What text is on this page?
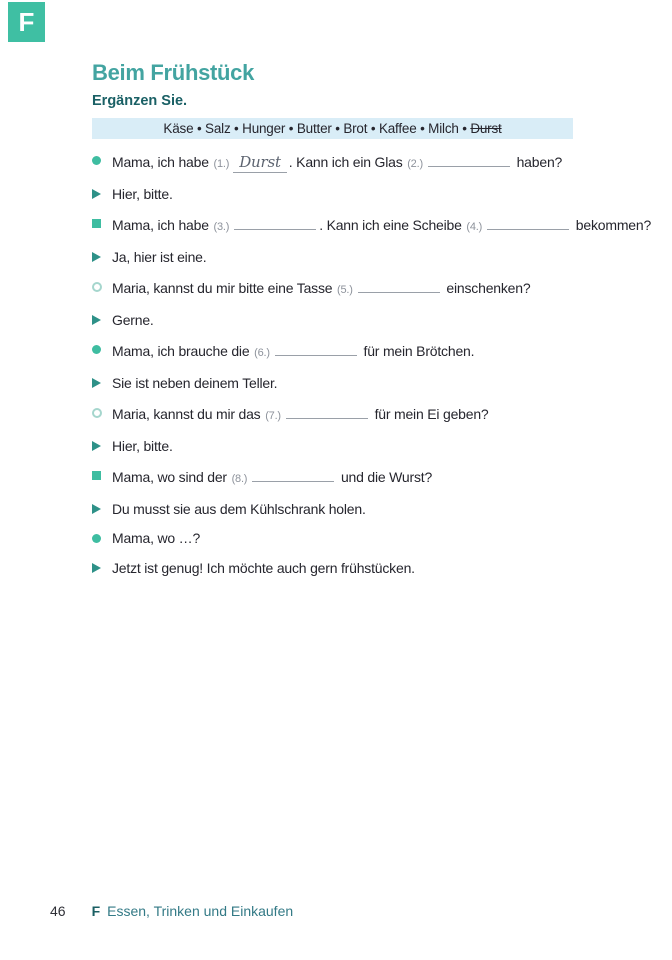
F
Beim Frühstück
Ergänzen Sie.
Käse • Salz • Hunger • Butter • Brot • Kaffee • Milch • Durst
Mama, ich habe (1.) Durst . Kann ich ein Glas (2.)	haben?
Hier, bitte.
Mama, ich habe (3.)	. Kann ich eine Scheibe (4.)	bekommen?
Ja, hier ist eine.
Maria, kannst du mir bitte eine Tasse (5.)	einschenken?
Gerne.
Mama, ich brauche die (6.)	für mein Brötchen.
Sie ist neben deinem Teller.
Maria, kannst du mir das (7.)	für mein Ei geben?
Hier, bitte.
Mama, wo sind der (8.)	und die Wurst?
Du musst sie aus dem Kühlschrank holen.
Mama, wo …?
Jetzt ist genug! Ich möchte auch gern frühstücken.
46 F Essen, Trinken und Einkaufen
